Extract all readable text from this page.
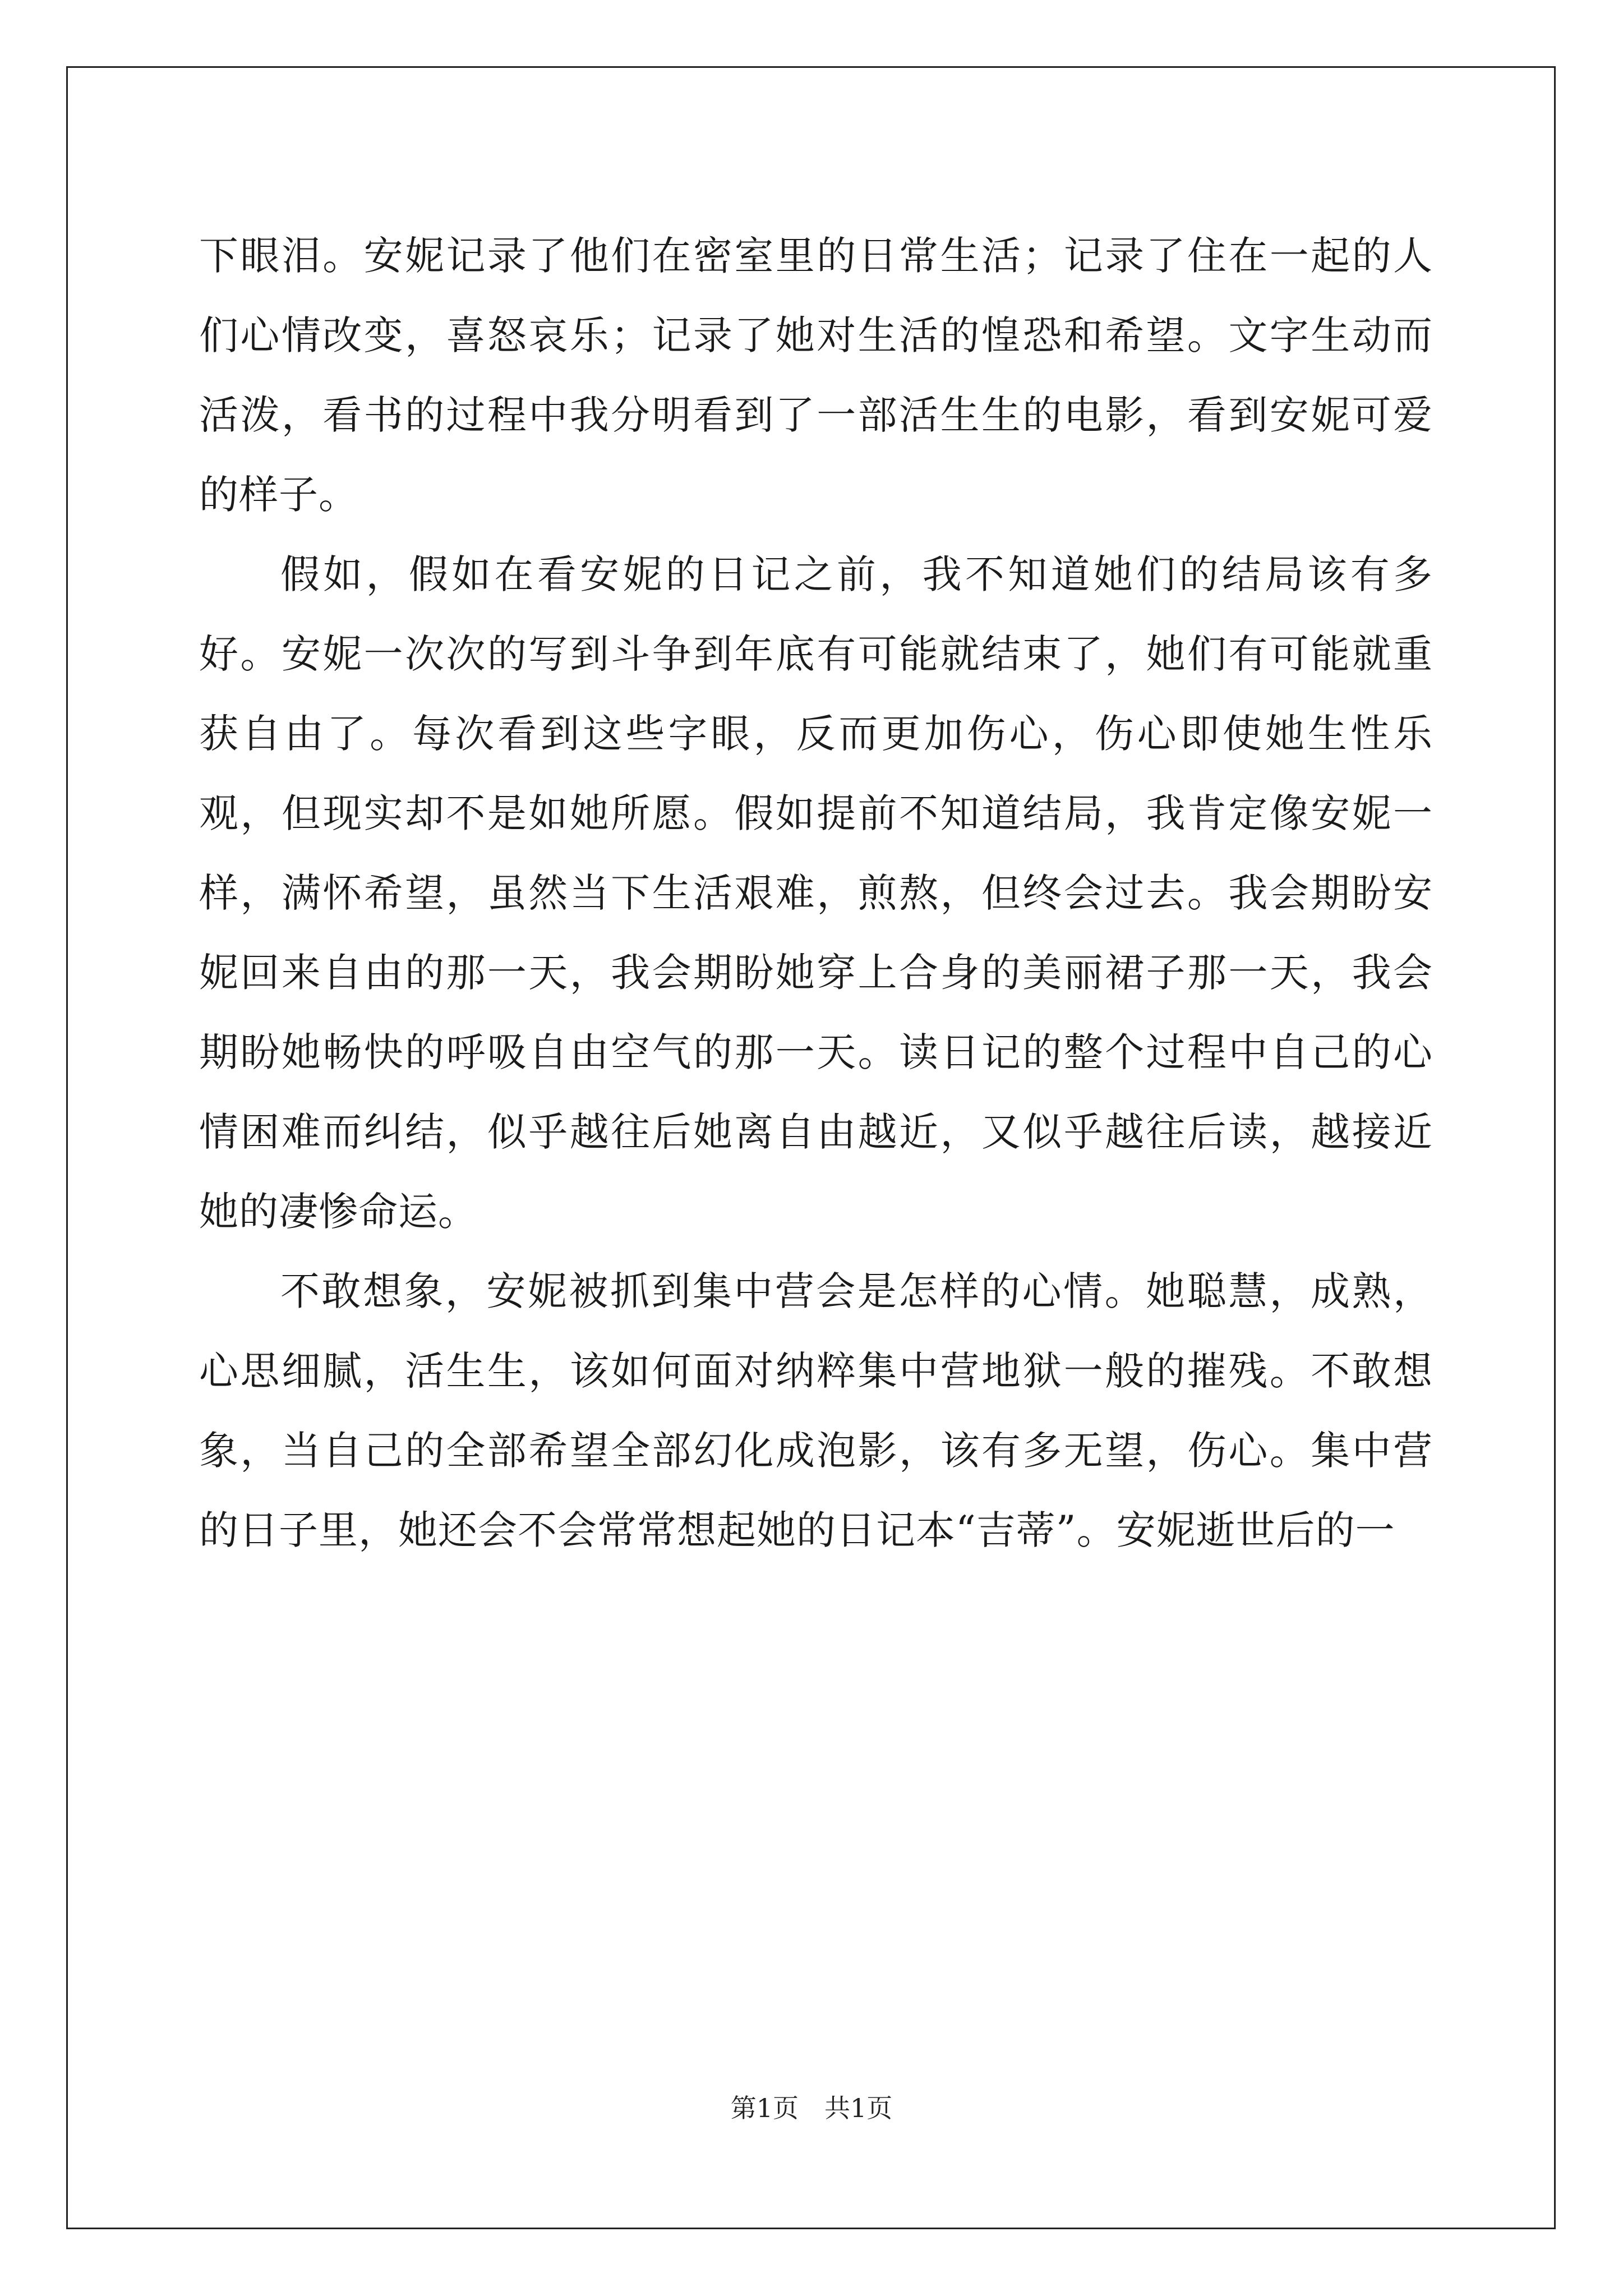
下眼泪。安妮记录了他们在密室里的日常生活；记录了住在一起的人们心情改变，喜怒哀乐；记录了她对生活的惶恐和希望。文字生动而活泼，看书的过程中我分明看到了一部活生生的电影，看到安妮可爱的样子。

假如，假如在看安妮的日记之前，我不知道她们的结局该有多好。安妮一次次的写到斗争到年底有可能就结束了，她们有可能就重获自由了。每次看到这些字眼，反而更加伤心，伤心即使她生性乐观，但现实却不是如她所愿。假如提前不知道结局，我肯定像安妮一样，满怀希望，虽然当下生活艰难，煎熬，但终会过去。我会期盼安妮回来自由的那一天，我会期盼她穿上合身的美丽裙子那一天，我会期盼她畅快的呼吸自由空气的那一天。读日记的整个过程中自己的心情困难而纠结，似乎越往后她离自由越近，又似乎越往后读，越接近她的凄惨命运。

不敢想象，安妮被抓到集中营会是怎样的心情。她聪慧，成熟，心思细腻，活生生，该如何面对纳粹集中营地狱一般的摧残。不敢想象，当自己的全部希望全部幻化成泡影，该有多无望，伤心。集中营的日子里，她还会不会常常想起她的日记本“吉蒂”。安妮逝世后的一

第1页　共1页
